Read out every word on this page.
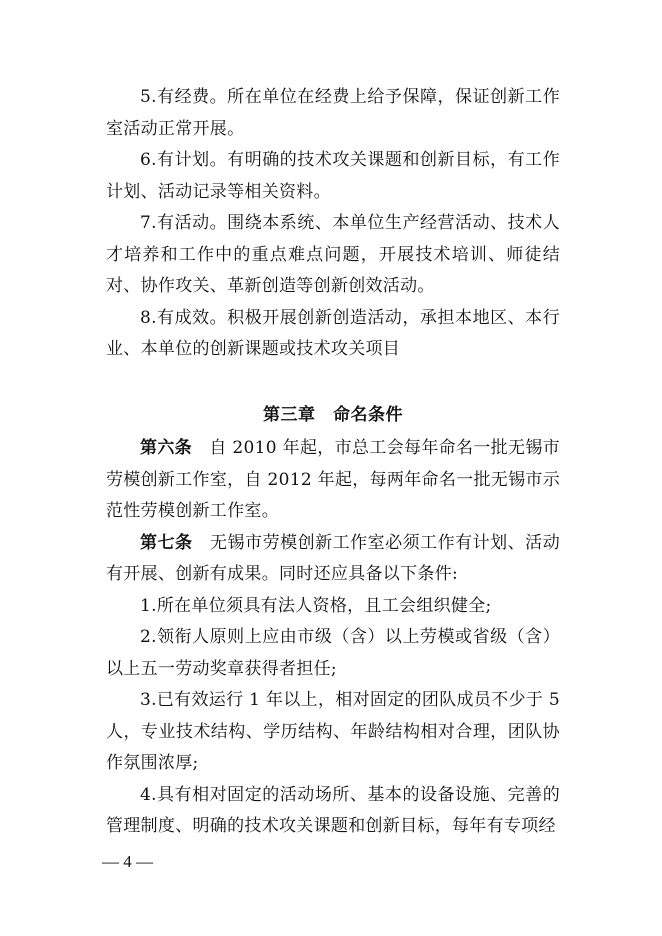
5.有经费。所在单位在经费上给予保障，保证创新工作室活动正常开展。

6.有计划。有明确的技术攻关课题和创新目标，有工作计划、活动记录等相关资料。

7.有活动。围绕本系统、本单位生产经营活动、技术人才培养和工作中的重点难点问题，开展技术培训、师徒结对、协作攻关、革新创造等创新创效活动。

8.有成效。积极开展创新创造活动，承担本地区、本行业、本单位的创新课题或技术攻关项目

第三章　命名条件

第六条　自 2010 年起，市总工会每年命名一批无锡市劳模创新工作室，自 2012 年起，每两年命名一批无锡市示范性劳模创新工作室。

第七条　无锡市劳模创新工作室必须工作有计划、活动有开展、创新有成果。同时还应具备以下条件:

1.所在单位须具有法人资格，且工会组织健全;

2.领衔人原则上应由市级（含）以上劳模或省级（含）以上五一劳动奖章获得者担任;

3.已有效运行 1 年以上，相对固定的团队成员不少于 5 人，专业技术结构、学历结构、年龄结构相对合理，团队协作氛围浓厚;

4.具有相对固定的活动场所、基本的设备设施、完善的管理制度、明确的技术攻关课题和创新目标，每年有专项经

— 4 —
